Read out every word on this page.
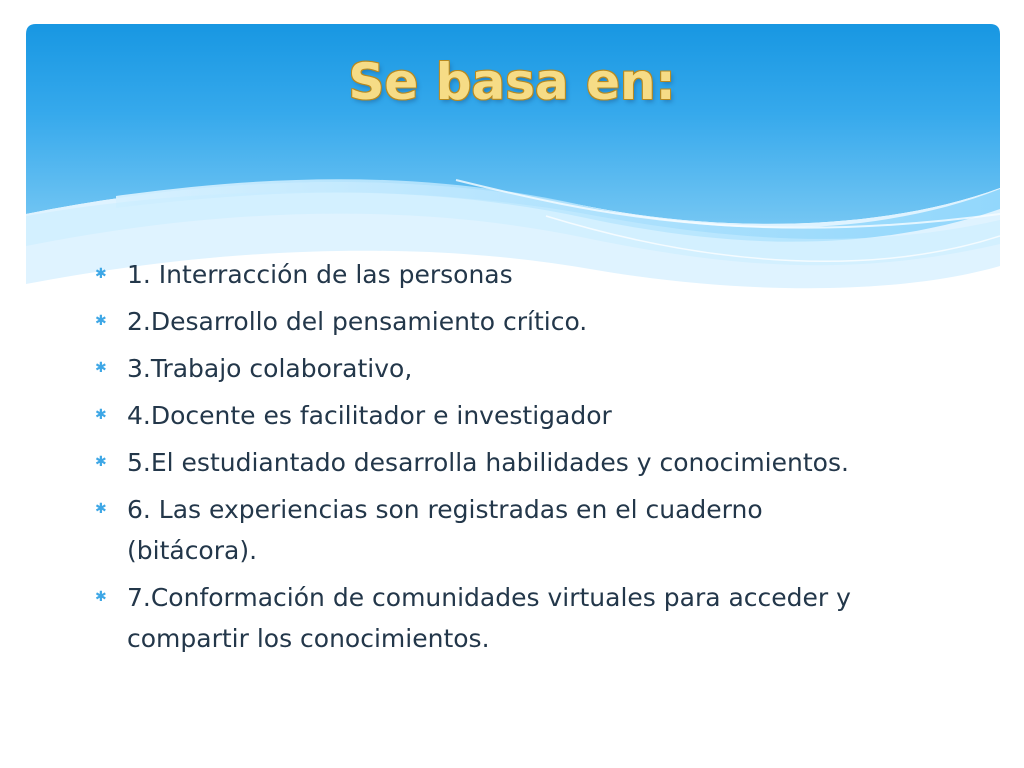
Se basa en:
✱ 1. Interracción de las personas
✱ 2.Desarrollo del pensamiento crítico.
✱ 3.Trabajo colaborativo,
✱ 4.Docente es facilitador e investigador
✱ 5.El estudiantado desarrolla habilidades y conocimientos.
✱ 6. Las experiencias son registradas en el cuaderno (bitácora).
✱ 7.Conformación de comunidades virtuales para acceder y compartir los conocimientos.
